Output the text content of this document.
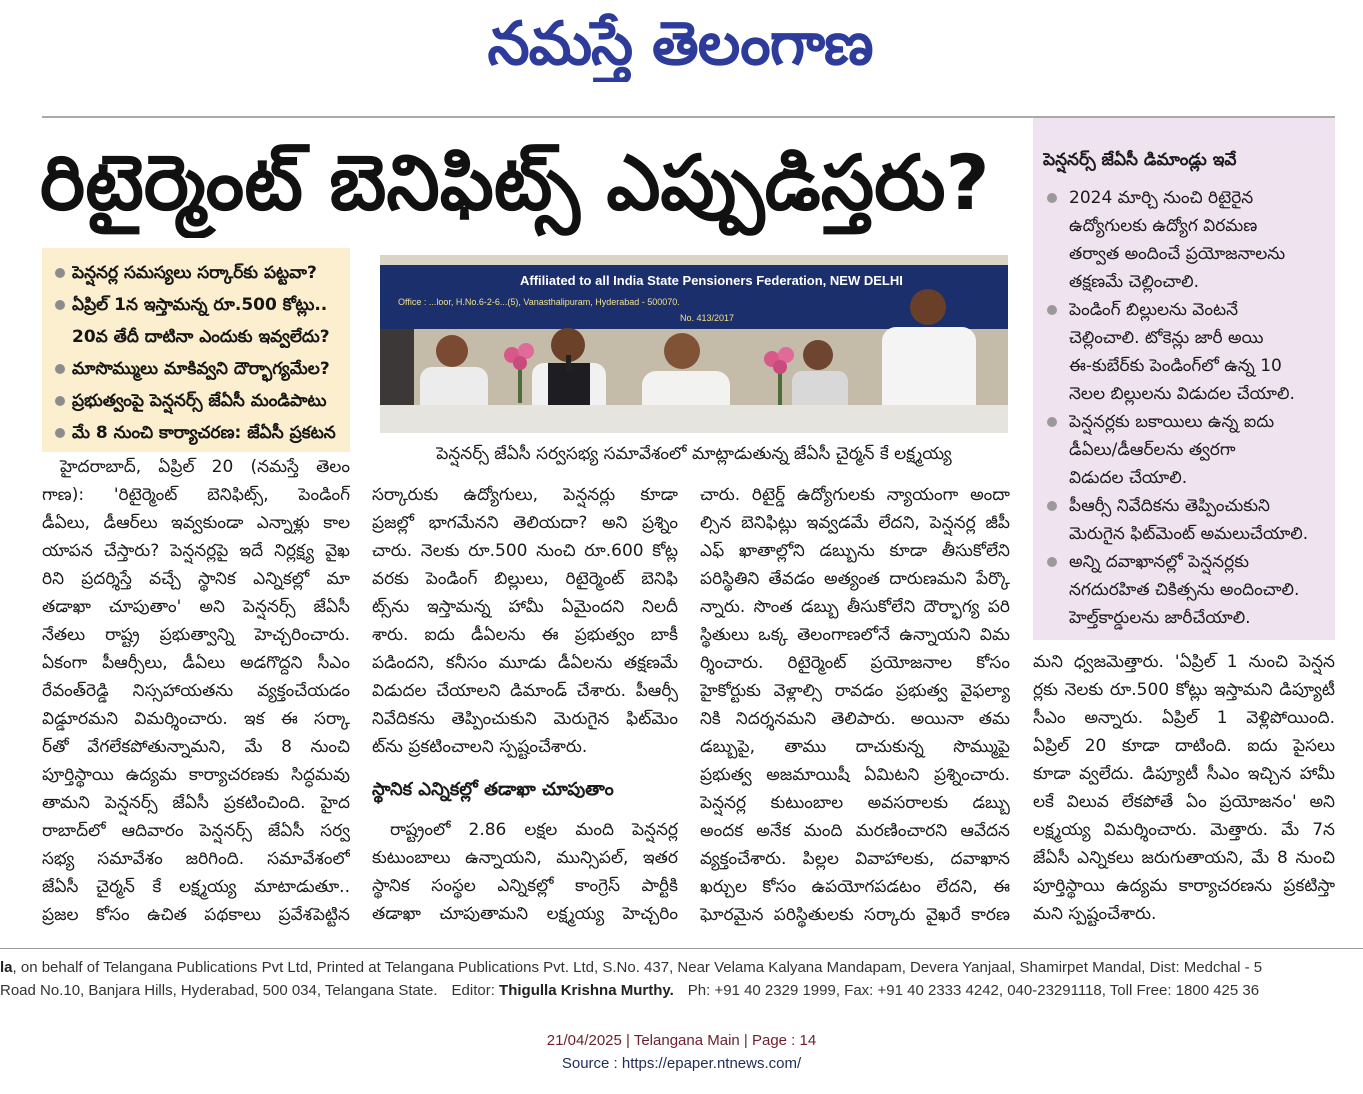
నమస్తే తెలంగాణ
రిటైర్మెంట్ బెనిఫిట్స్ ఎప్పుడిస్తరు?
పెన్షనర్ల సమస్యలు సర్కార్‌కు పట్టవా?
ఏప్రిల్ 1న ఇస్తామన్న రూ.500 కోట్లు..
20వ తేదీ దాటినా ఎందుకు ఇవ్వలేదు?
మాసొమ్ములు మాకివ్వని దౌర్భాగ్యమేల?
ప్రభుత్వంపై పెన్షనర్స్ జేఏసీ మండిపాటు
మే 8 నుంచి కార్యాచరణ: జేఏసీ ప్రకటన
Affiliated to all India State Pensioners Federation, NEW DELHI
Office : ...loor, H.No.6-2-6...(5), Vanasthalipuram, Hyderabad - 500070.
No. 413/2017
పెన్షనర్స్ జేఏసీ సర్వసభ్య సమావేశంలో మాట్లాడుతున్న జేఏసీ చైర్మన్ కే లక్ష్మయ్య
హైదరాబాద్, ఏప్రిల్ 20 (నమస్తే తెలం
గాణ): 'రిటైర్మెంట్ బెనిఫిట్స్, పెండింగ్
డీఏలు, డీఆర్‌లు ఇవ్వకుండా ఎన్నాళ్లు కాల
యాపన చేస్తారు? పెన్షనర్లపై ఇదే నిర్లక్ష్య వైఖ
రిని ప్రదర్శిస్తే వచ్చే స్థానిక ఎన్నికల్లో మా
తడాఖా చూపుతాం' అని పెన్షనర్స్ జేఏసీ
నేతలు రాష్ట్ర ప్రభుత్వాన్ని హెచ్చరించారు.
ఏకంగా పీఆర్సీలు, డీఏలు అడగొద్దని సీఎం
రేవంత్‌రెడ్డి నిస్సహాయతను వ్యక్తంచేయడం
విడ్డూరమని విమర్శించారు. ఇక ఈ సర్కా
ర్‌తో వేగలేకపోతున్నామని, మే 8 నుంచి
పూర్తిస్థాయి ఉద్యమ కార్యాచరణకు సిద్ధమవు
తామని పెన్షనర్స్ జేఏసీ ప్రకటించింది. హైద
రాబాద్‌లో ఆదివారం పెన్షనర్స్ జేఏసీ సర్వ
సభ్య సమావేశం జరిగింది. సమావేశంలో
జేఏసీ చైర్మన్ కే లక్ష్మయ్య మాటాడుతూ..
ప్రజల కోసం ఉచిత పథకాలు ప్రవేశపెట్టిన
సర్కారుకు ఉద్యోగులు, పెన్షనర్లు కూడా
ప్రజల్లో భాగమేనని తెలియదా? అని ప్రశ్నిం
చారు. నెలకు రూ.500 నుంచి రూ.600 కోట్ల
వరకు పెండింగ్ బిల్లులు, రిటైర్మెంట్ బెనిఫి
ట్స్‌ను ఇస్తామన్న హామీ ఏమైందని నిలదీ
శారు. ఐదు డీఏలను ఈ ప్రభుత్వం బాకీ
పడిందని, కనీసం మూడు డీఏలను తక్షణమే
విడుదల చేయాలని డిమాండ్ చేశారు. పీఆర్సీ
నివేదికను తెప్పించుకుని మెరుగైన ఫిట్‌మెం
ట్‌ను ప్రకటించాలని స్పష్టంచేశారు.
స్థానిక ఎన్నికల్లో తడాఖా చూపుతాం
రాష్ట్రంలో 2.86 లక్షల మంది పెన్షనర్ల
కుటుంబాలు ఉన్నాయని, మున్సిపల్, ఇతర
స్థానిక సంస్థల ఎన్నికల్లో కాంగ్రెస్ పార్టీకి
తడాఖా చూపుతామని లక్ష్మయ్య హెచ్చరిం
చారు. రిటైర్డ్ ఉద్యోగులకు న్యాయంగా అందా
ల్సిన బెనిఫిట్లు ఇవ్వడమే లేదని, పెన్షనర్ల జీపీ
ఎఫ్ ఖాతాల్లోని డబ్బును కూడా తీసుకోలేని
పరిస్థితిని తేవడం అత్యంత దారుణమని పేర్కొ
న్నారు. సొంత డబ్బు తీసుకోలేని దౌర్భాగ్య పరి
స్థితులు ఒక్క తెలంగాణలోనే ఉన్నాయని విమ
ర్శించారు. రిటైర్మెంట్ ప్రయోజనాల కోసం
హైకోర్టుకు వెళ్లాల్సి రావడం ప్రభుత్వ వైఫల్యా
నికి నిదర్శనమని తెలిపారు. అయినా తమ
డబ్బుపై, తాము దాచుకున్న సొమ్ముపై
ప్రభుత్వ అజమాయిషీ ఏమిటని ప్రశ్నించారు.
పెన్షనర్ల కుటుంబాల అవసరాలకు డబ్బు
అందక అనేక మంది మరణించారని ఆవేదన
వ్యక్తంచేశారు. పిల్లల వివాహాలకు, దవాఖాన
ఖర్చుల కోసం ఉపయోగపడటం లేదని, ఈ
ఘోరమైన పరిస్థితులకు సర్కారు వైఖరే కారణ
పెన్షనర్స్ జేఏసీ డిమాండ్లు ఇవే
2024 మార్చి నుంచి రిటైరైన
ఉద్యోగులకు ఉద్యోగ విరమణ
తర్వాత అందించే ప్రయోజనాలను
తక్షణమే చెల్లించాలి.
పెండింగ్ బిల్లులను వెంటనే
చెల్లించాలి. టోకెన్లు జారీ అయి
ఈ-కుబేర్‌కు పెండింగ్‌లో ఉన్న 10
నెలల బిల్లులను విడుదల చేయాలి.
పెన్షనర్లకు బకాయిలు ఉన్న ఐదు
డీఏలు/డీఆర్‌లను త్వరగా
విడుదల చేయాలి.
పీఆర్సీ నివేదికను తెప్పించుకుని
మెరుగైన ఫిట్‌మెంట్ అమలుచేయాలి.
అన్ని దవాఖానల్లో పెన్షనర్లకు
నగదురహిత చికిత్సను అందించాలి.
హెల్త్‌కార్డులను జారీచేయాలి.
మని ధ్వజమెత్తారు. 'ఏప్రిల్ 1 నుంచి పెన్షన
ర్లకు నెలకు రూ.500 కోట్లు ఇస్తామని డిప్యూటీ
సీఎం అన్నారు. ఏప్రిల్ 1 వెళ్లిపోయింది.
ఏప్రిల్ 20 కూడా దాటింది. ఐదు పైసలు
కూడా వ్వలేదు. డిప్యూటీ సీఎం ఇచ్చిన హామీ
లకే విలువ లేకపోతే ఏం ప్రయోజనం' అని
లక్ష్మయ్య విమర్శించారు. మెత్తారు. మే 7న
జేఏసీ ఎన్నికలు జరుగుతాయని, మే 8 నుంచి
పూర్తిస్థాయి ఉద్యమ కార్యాచరణను ప్రకటిస్తా
మని స్పష్టంచేశారు.
la, on behalf of Telangana Publications Pvt Ltd, Printed at Telangana Publications Pvt. Ltd, S.No. 437, Near Velama Kalyana Mandapam, Devera Yanjaal, Shamirpet Mandal, Dist: Medchal - 5
Road No.10, Banjara Hills, Hyderabad, 500 034, Telangana State. Editor: Thigulla Krishna Murthy. Ph: +91 40 2329 1999, Fax: +91 40 2333 4242, 040-23291118, Toll Free: 1800 425 36
21/04/2025 | Telangana Main | Page : 14
Source : https://epaper.ntnews.com/
